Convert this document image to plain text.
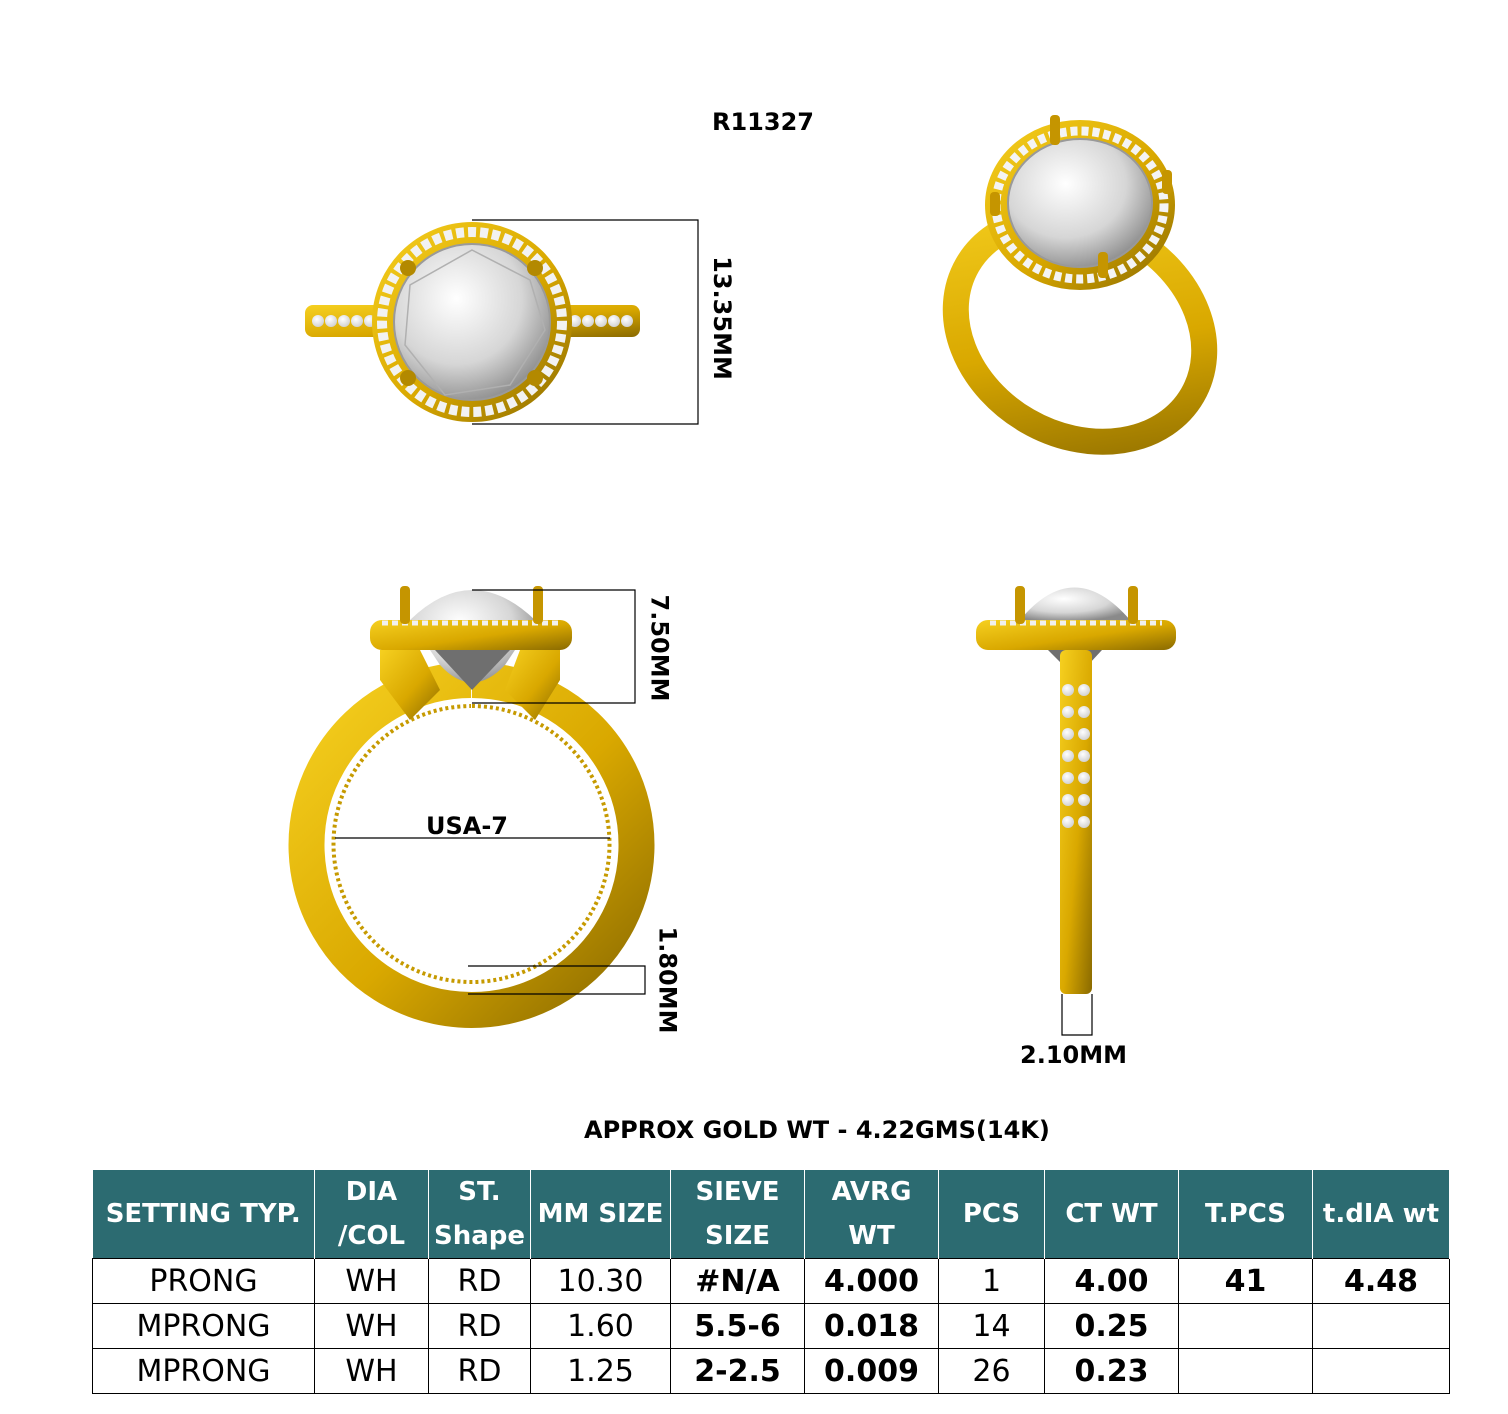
R11327
13.35MM
7.50MM
USA-7
1.80MM
2.10MM
APPROX GOLD WT - 4.22GMS(14K)
SETTING TYP.	DIA /COL	ST. Shape	MM SIZE	SIEVE SIZE	AVRG WT	PCS	CT WT	T.PCS	t.dIA wt
PRONG	WH	RD	10.30	#N/A	4.000	1	4.00	41	4.48
MPRONG	WH	RD	1.60	5.5-6	0.018	14	0.25		
MPRONG	WH	RD	1.25	2-2.5	0.009	26	0.23		
